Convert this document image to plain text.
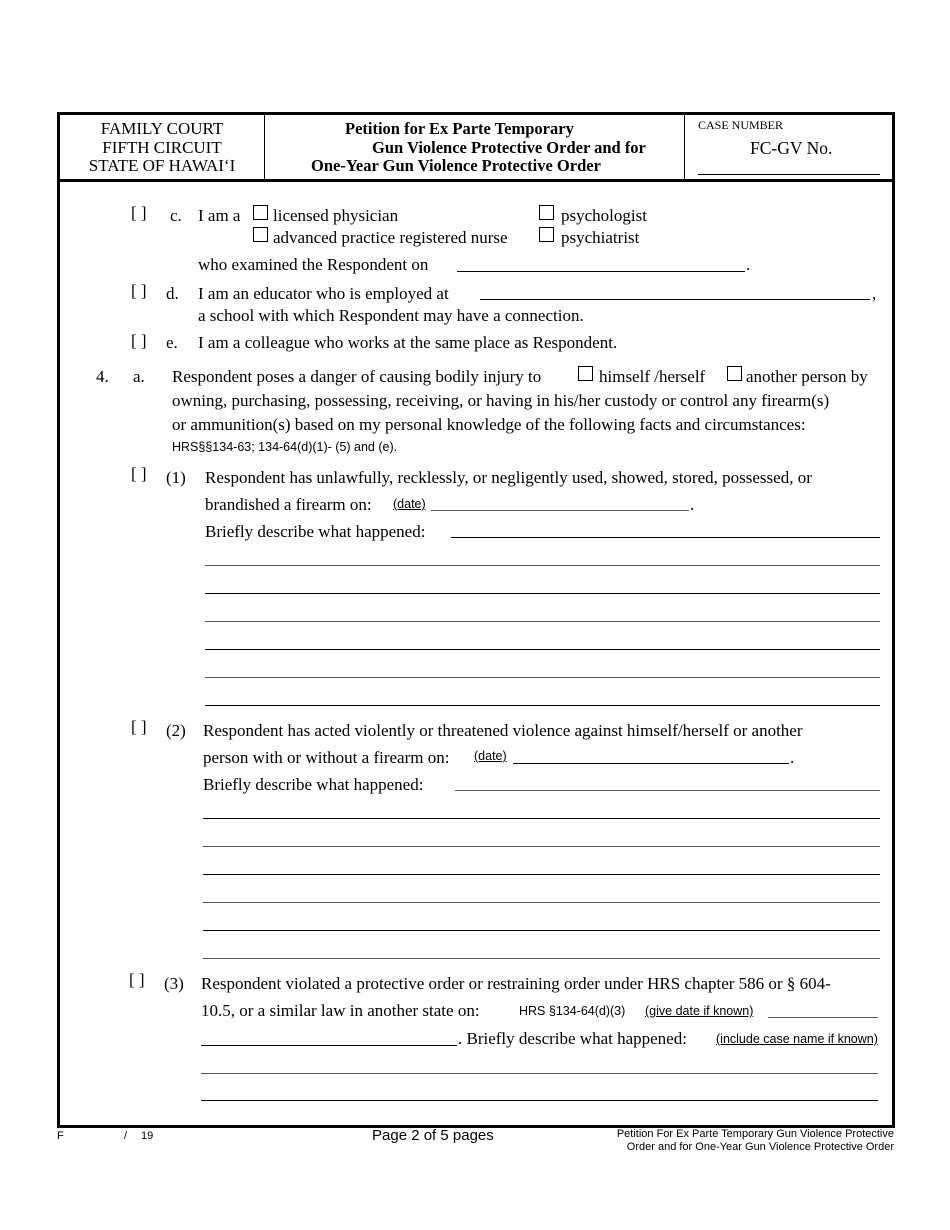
FAMILY COURT
FIFTH CIRCUIT
STATE OF HAWAI‘I
Petition for Ex Parte Temporary
Gun Violence Protective Order and for
One-Year Gun Violence Protective Order
CASE NUMBER
FC-GV No.
[ ] c. I am a licensed physician	psychologist
advanced practice registered nurse	psychiatrist
who examined the Respondent on	.
[ ] d. I am an educator who is employed at	,
a school with which Respondent may have a connection.
[ ] e. I am a colleague who works at the same place as Respondent.
4. a. Respondent poses a danger of causing bodily injury to	himself /herself another person by
owning, purchasing, possessing, receiving, or having in his/her custody or control any firearm(s)
or ammunition(s) based on my personal knowledge of the following facts and circumstances:
HRS§§134-63; 134-64(d)(1)- (5) and (e).
[ ] (1) Respondent has unlawfully, recklessly, or negligently used, showed, stored, possessed, or
brandished a firearm on: (date)	.
Briefly describe what happened:
[ ] (2) Respondent has acted violently or threatened violence against himself/herself or another
person with or without a firearm on: (date)	.
Briefly describe what happened:
[ ] (3) Respondent violated a protective order or restraining order under HRS chapter 586 or § 604-
10.5, or a similar law in another state on:	HRS §134-64(d)(3) (give date if known)
. Briefly describe what happened: (include case name if known)
F	/ 19	Page 2 of 5 pages	Petition For Ex Parte Temporary Gun Violence Protective
Order and for One-Year Gun Violence Protective Order
